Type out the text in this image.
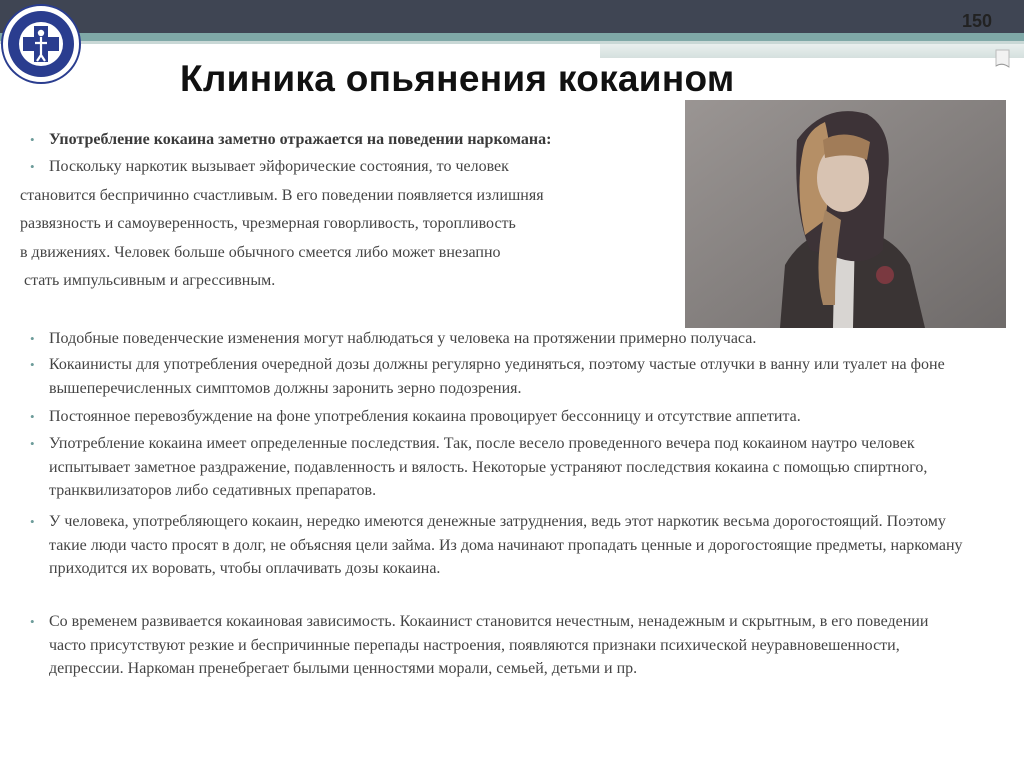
150
Клиника опьянения кокаином
• Употребление кокаина заметно отражается на поведении наркомана:

• Поскольку наркотик вызывает эйфорические состояния, то человек

становится беспричинно счастливым. В его поведении появляется излишняя

развязность и самоуверенность, чрезмерная говорливость, торопливость

в движениях. Человек больше обычного смеется либо может внезапно

стать импульсивным и агрессивным.

• Подобные поведенческие изменения могут наблюдаться у человека на протяжении примерно получаса.

• Кокаинисты для употребления очередной дозы должны регулярно уединяться, поэтому частые отлучки в ванну или туалет на фоне вышеперечисленных симптомов должны заронить зерно подозрения.

• Постоянное перевозбуждение на фоне употребления кокаина провоцирует бессонницу и отсутствие аппетита.

• Употребление кокаина имеет определенные последствия. Так, после весело проведенного вечера под кокаином наутро человек испытывает заметное раздражение, подавленность и вялость. Некоторые устраняют последствия кокаина с помощью спиртного, транквилизаторов либо седативных препаратов.

• У человека, употребляющего кокаин, нередко имеются денежные затруднения, ведь этот наркотик весьма дорогостоящий. Поэтому такие люди часто просят в долг, не объясняя цели займа. Из дома начинают пропадать ценные и дорогостоящие предметы, наркоману приходится их воровать, чтобы оплачивать дозы кокаина.

• Со временем развивается кокаиновая зависимость. Кокаинист становится нечестным, ненадежным и скрытным, в его поведении часто присутствуют резкие и беспричинные перепады настроения, появляются признаки психической неуравновешенности, депрессии. Наркоман пренебрегает былыми ценностями морали, семьей, детьми и пр.
